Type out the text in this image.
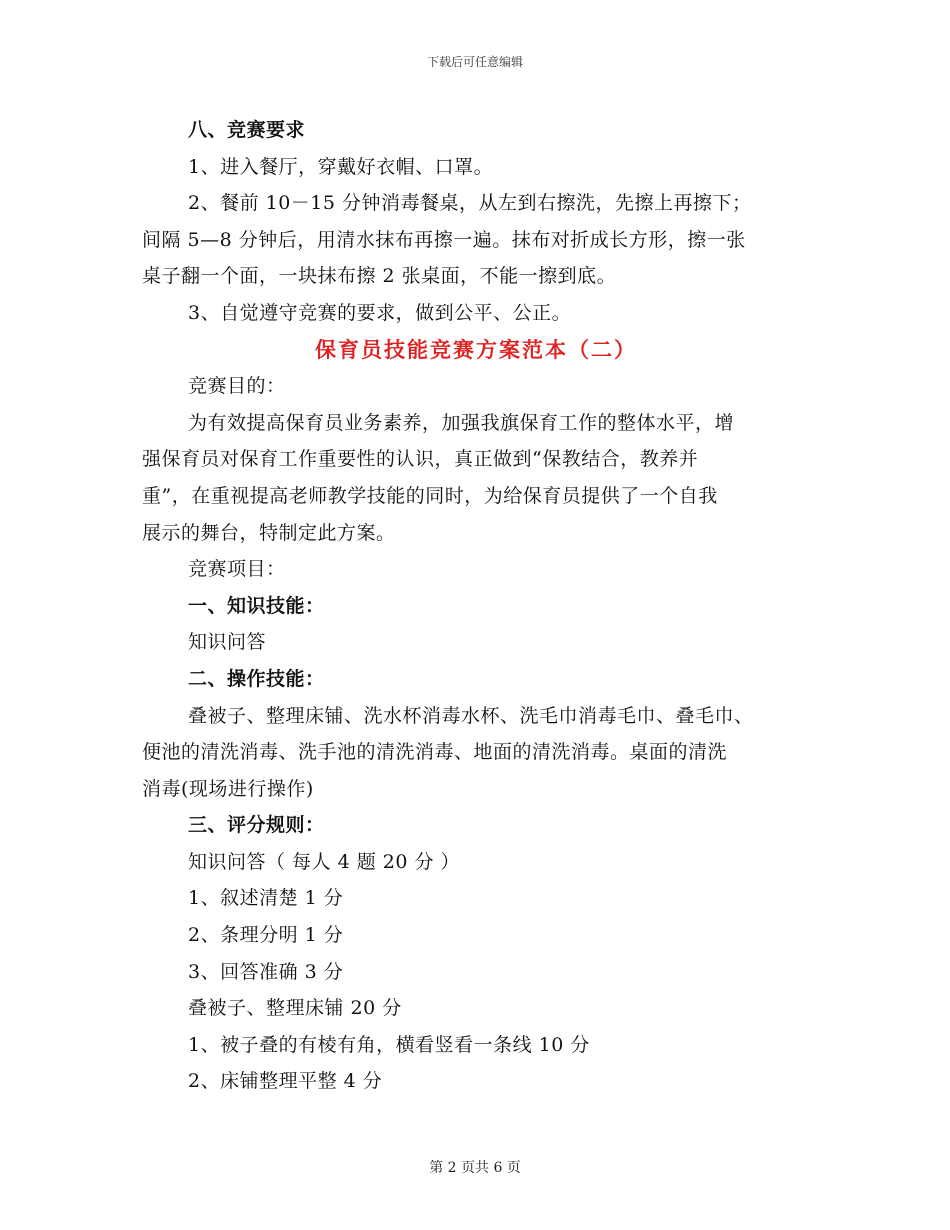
下载后可任意编辑
八、竞赛要求
1、进入餐厅，穿戴好衣帽、口罩。
2、餐前 10－15 分钟消毒餐桌，从左到右擦洗，先擦上再擦下；
间隔 5—8 分钟后，用清水抹布再擦一遍。抹布对折成长方形，擦一张
桌子翻一个面，一块抹布擦 2 张桌面，不能一擦到底。
3、自觉遵守竞赛的要求，做到公平、公正。
保育员技能竞赛方案范本（二）
竞赛目的：
为有效提高保育员业务素养，加强我旗保育工作的整体水平，增
强保育员对保育工作重要性的认识，真正做到“保教结合，教养并
重”，在重视提高老师教学技能的同时，为给保育员提供了一个自我
展示的舞台，特制定此方案。
竞赛项目：
一、知识技能：
知识问答
二、操作技能：
叠被子、整理床铺、洗水杯消毒水杯、洗毛巾消毒毛巾、叠毛巾、
便池的清洗消毒、洗手池的清洗消毒、地面的清洗消毒。桌面的清洗
消毒(现场进行操作)
三、评分规则：
知识问答（ 每人 4 题 20 分 ）
1、叙述清楚 1 分
2、条理分明 1 分
3、回答准确 3 分
叠被子、整理床铺 20 分
1、被子叠的有棱有角，横看竖看一条线 10 分
2、床铺整理平整 4 分
第 2 页共 6 页
